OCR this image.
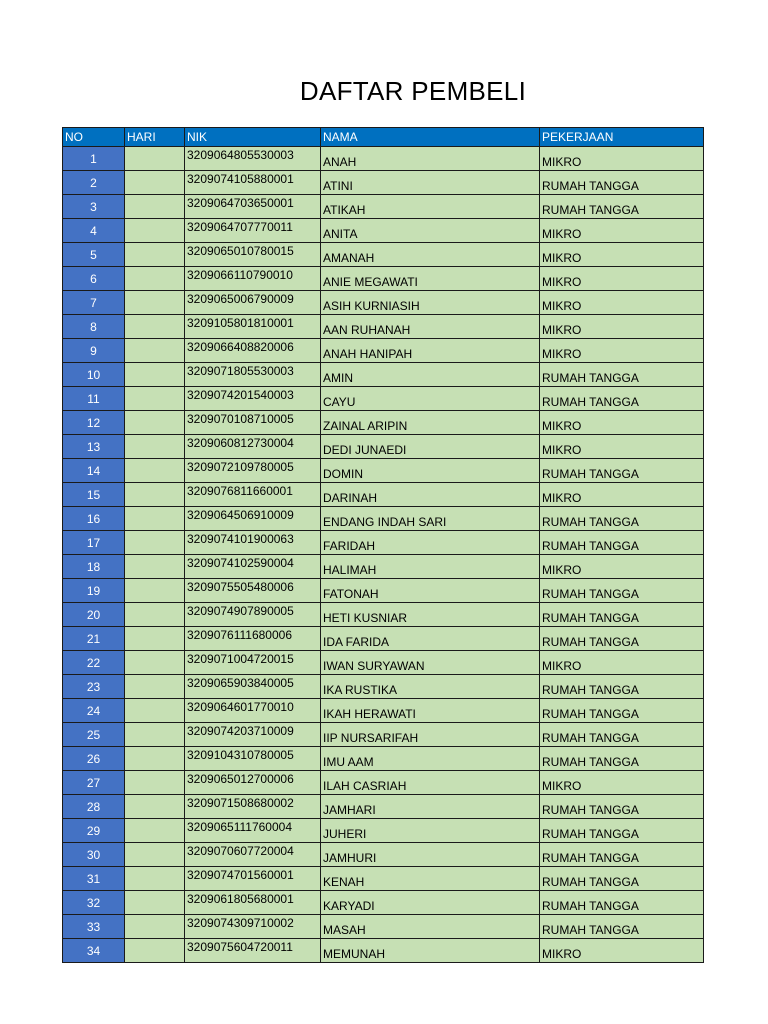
DAFTAR PEMBELI
NO	HARI	NIK	NAMA	PEKERJAAN
1		3209064805530003	ANAH	MIKRO
2		3209074105880001	ATINI	RUMAH TANGGA
3		3209064703650001	ATIKAH	RUMAH TANGGA
4		3209064707770011	ANITA	MIKRO
5		3209065010780015	AMANAH	MIKRO
6		3209066110790010	ANIE MEGAWATI	MIKRO
7		3209065006790009	ASIH KURNIASIH	MIKRO
8		3209105801810001	AAN RUHANAH	MIKRO
9		3209066408820006	ANAH HANIPAH	MIKRO
10		3209071805530003	AMIN	RUMAH TANGGA
11		3209074201540003	CAYU	RUMAH TANGGA
12		3209070108710005	ZAINAL ARIPIN	MIKRO
13		3209060812730004	DEDI JUNAEDI	MIKRO
14		3209072109780005	DOMIN	RUMAH TANGGA
15		3209076811660001	DARINAH	MIKRO
16		3209064506910009	ENDANG INDAH SARI	RUMAH TANGGA
17		3209074101900063	FARIDAH	RUMAH TANGGA
18		3209074102590004	HALIMAH	MIKRO
19		3209075505480006	FATONAH	RUMAH TANGGA
20		3209074907890005	HETI KUSNIAR	RUMAH TANGGA
21		3209076111680006	IDA FARIDA	RUMAH TANGGA
22		3209071004720015	IWAN SURYAWAN	MIKRO
23		3209065903840005	IKA RUSTIKA	RUMAH TANGGA
24		3209064601770010	IKAH HERAWATI	RUMAH TANGGA
25		3209074203710009	IIP NURSARIFAH	RUMAH TANGGA
26		3209104310780005	IMU AAM	RUMAH TANGGA
27		3209065012700006	ILAH CASRIAH	MIKRO
28		3209071508680002	JAMHARI	RUMAH TANGGA
29		3209065111760004	JUHERI	RUMAH TANGGA
30		3209070607720004	JAMHURI	RUMAH TANGGA
31		3209074701560001	KENAH	RUMAH TANGGA
32		3209061805680001	KARYADI	RUMAH TANGGA
33		3209074309710002	MASAH	RUMAH TANGGA
34		3209075604720011	MEMUNAH	MIKRO
